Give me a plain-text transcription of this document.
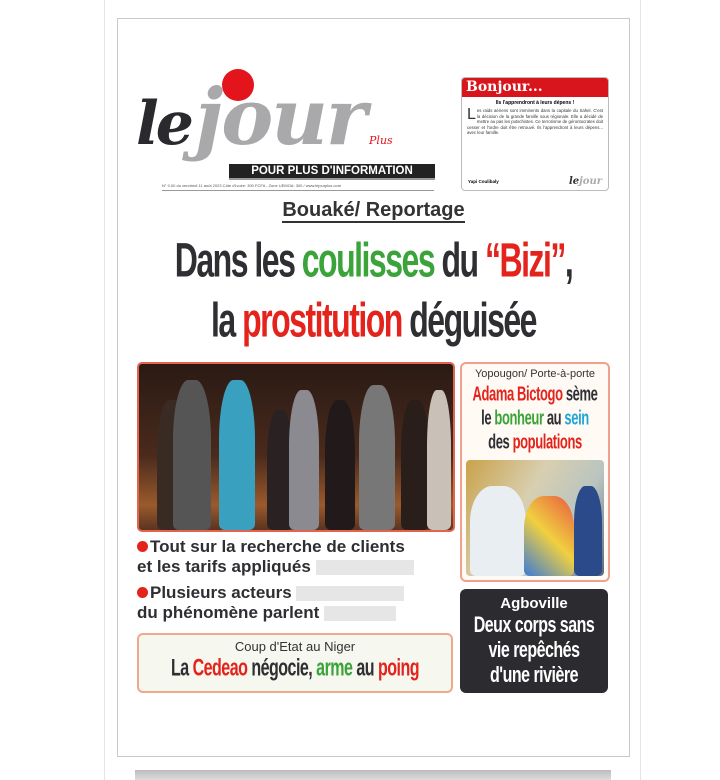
lejour Plus
POUR PLUS D'INFORMATION
N° 0.00 du vendredi 11 août 2023 Côte d'Ivoire: 300 FCFA - Zone UEMOA: 300 / www.lejourplus.com
Bonjour...
Ils l'apprendront à leurs dépens !
Les raids aériens sont imminents dans la capitale du Sahel. C'est la décision de la grande famille sous régionale. Elle a décidé de mettre au pas les putschistes. Ce terrorisme de gérontocrates doit cesser et l'ordre doit être retrouvé. Ils l'apprendront à leurs dépens... avec leur famille.
Yapi Coulibaly	lejour
Bouaké/ Reportage
Dans les coulisses du “Bizi”,
la prostitution déguisée
Tout sur la recherche de clients
et les tarifs appliqués
Plusieurs acteurs
du phénomène parlent
Coup d'Etat au Niger
La Cedeao négocie, arme au poing
Yopougon/ Porte-à-porte
Adama Bictogo sème
le bonheur au sein
des populations
Agboville
Deux corps sans
vie repêchés
d'une rivière
